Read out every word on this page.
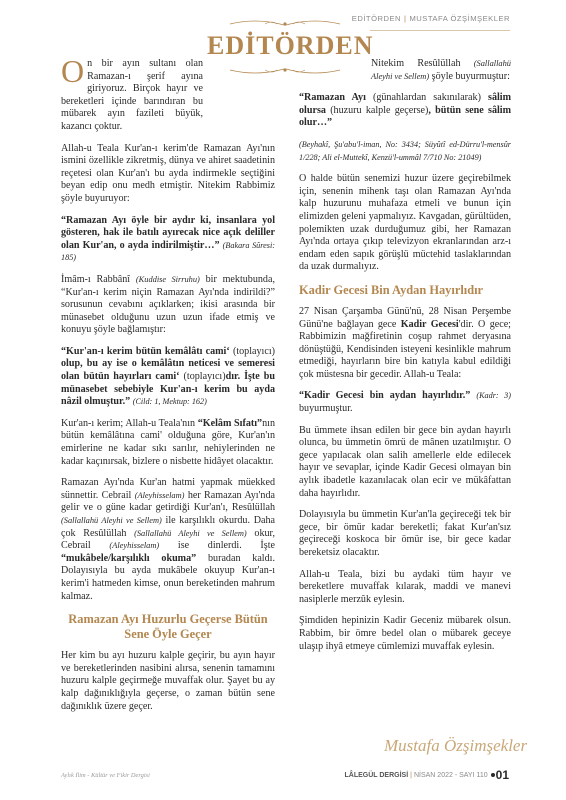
EDİTÖRDEN | MUSTAFA ÖZŞİMŞEKLER
EDİTÖRDEN

On bir ayın sultanı olan Ramazan-ı şerif ayına giriyoruz. Birçok hayır ve bereketleri içinde barındıran bu mübarek ayın fazileti büyük, kazancı çoktur.

Allah-u Teala Kur'an-ı kerim'de Ramazan Ayı'nın ismini özellikle zikretmiş, dünya ve ahiret saadetinin reçetesi olan Kur'an'ı bu ayda indirmekle seçtiğini beyan edip onu medh etmiştir. Nitekim Rabbimiz şöyle buyuruyor:

“Ramazan Ayı öyle bir aydır ki, insanlara yol gösteren, hak ile batılı ayırecak nice açık deliller olan Kur'an, o ayda indirilmiştir…” (Bakara Sûresi: 185)

İmâm-ı Rabbânî (Kuddise Sirruhu) bir mektubunda, “Kur'an-ı kerim niçin Ramazan Ayı'nda indirildi?” sorusunun cevabını açıklarken; ikisi arasında bir münasebet olduğunu uzun uzun ifade etmiş ve konuyu şöyle bağlamıştır:

“Kur'an-ı kerim bütün kemâlâtı cami‘ (toplayıcı) olup, bu ay ise o kemâlâtın neticesi ve semeresi olan bütün hayırları cami‘ (toplayıcı)dır. İşte bu münasebet sebebiyle Kur'an-ı kerim bu ayda nâzil olmuştur.” (Cild: 1, Mektup: 162)

Kur'an-ı kerim; Allah-u Teala'nın “Kelâm Sıfatı”nın bütün kemâlâtına cami' olduğuna göre, Kur'an'ın emirlerine ne kadar sıkı sarılır, nehiylerinden ne kadar kaçınırsak, bizlere o nisbette hidâyet olacaktır.

Ramazan Ayı'nda Kur'an hatmi yapmak müekked sünnettir. Cebrail (Aleyhisselam) her Ramazan Ayı'nda gelir ve o güne kadar getirdiği Kur'an'ı, Resûlüllah (Sallallahü Aleyhi ve Sellem) ile karşılıklı okurdu. Daha çok Resûlüllah (Sallallahü Aleyhi ve Sellem) okur, Cebrail (Aleyhisselam) ise dinlerdi. İşte “mukâbele/karşılıklı okuma” buradan kaldı. Dolayısıyla bu ayda mukâbele okuyup Kur'an-ı kerim'i hatmeden kimse, onun bereketinden mahrum kalmaz.

Ramazan Ayı Huzurlu Geçerse Bütün Sene Öyle Geçer

Her kim bu ayı huzuru kalple geçirir, bu ayın hayır ve bereketlerinden nasibini alırsa, senenin tamamını huzuru kalple geçirmeğe muvaffak olur. Şayet bu ay kalp dağınıklığıyla geçerse, o zaman bütün sene dağınıklık üzere geçer.

Nitekim Resûlüllah (Sallallahü Aleyhi ve Sellem) şöyle buyurmuştur:

“Ramazan Ayı (günahlardan sakınılarak) sâlim olursa (huzuru kalple geçerse), bütün sene sâlim olur…”

(Beyhakî, Şu'abu'l-iman, No: 3434; Süyûtî ed-Dürru'l-mensûr 1/228; Ali el-Muttekî, Kenzü'l-ummâl 7/710 No: 21049)

O halde bütün senemizi huzur üzere geçirebilmek için, senenin mihenk taşı olan Ramazan Ayı'nda kalp huzurunu muhafaza etmeli ve bunun için elimizden geleni yapmalıyız. Kavgadan, gürültüden, polemikten uzak durduğumuz gibi, her Ramazan Ayı'nda ortaya çıkıp televizyon ekranlarından arz-ı endam eden sapık görüşlü müctehid taslaklarından da uzak durmalıyız.

Kadir Gecesi Bin Aydan Hayırlıdır

27 Nisan Çarşamba Günü'nü, 28 Nisan Perşembe Günü'ne bağlayan gece Kadir Gecesi'dir. O gece; Rabbimizin mağfiretinin coşup rahmet deryasına dönüştüğü, Kendisinden isteyeni kesinlikle mahrum etmediği, hayırların bire bin katıyla kabul edildiği çok müstesna bir gecedir. Allah-u Teala:

“Kadir Gecesi bin aydan hayırlıdır.” (Kadr: 3) buyurmuştur.

Bu ümmete ihsan edilen bir gece bin aydan hayırlı olunca, bu ümmetin ömrü de mânen uzatılmıştır. O gece yapılacak olan salih amellerle elde edilecek hayır ve sevaplar, içinde Kadir Gecesi olmayan bin aylık ibadetle kazanılacak olan ecir ve mükâfattan daha hayırlıdır.

Dolayısıyla bu ümmetin Kur'an'la geçireceği tek bir gece, bir ömür kadar bereketli; fakat Kur'an'sız geçireceği koskoca bir ömür ise, bir gece kadar bereketsiz olacaktır.

Allah-u Teala, bizi bu aydaki tüm hayır ve bereketlere muvaffak kılarak, maddi ve manevi nasiplerle merzûk eylesin.

Şimdiden hepinizin Kadir Geceniz mübarek olsun. Rabbim, bir ömre bedel olan o mübarek geceye ulaşıp ihyâ etmeye cümlemizi muvaffak eylesin.

Mustafa Özşimşekler
Aylık İlim - Kültür ve Fikir Dergisi	LÂLEGÜL DERGİSİ | NİSAN 2022 - SAYI 110 01
